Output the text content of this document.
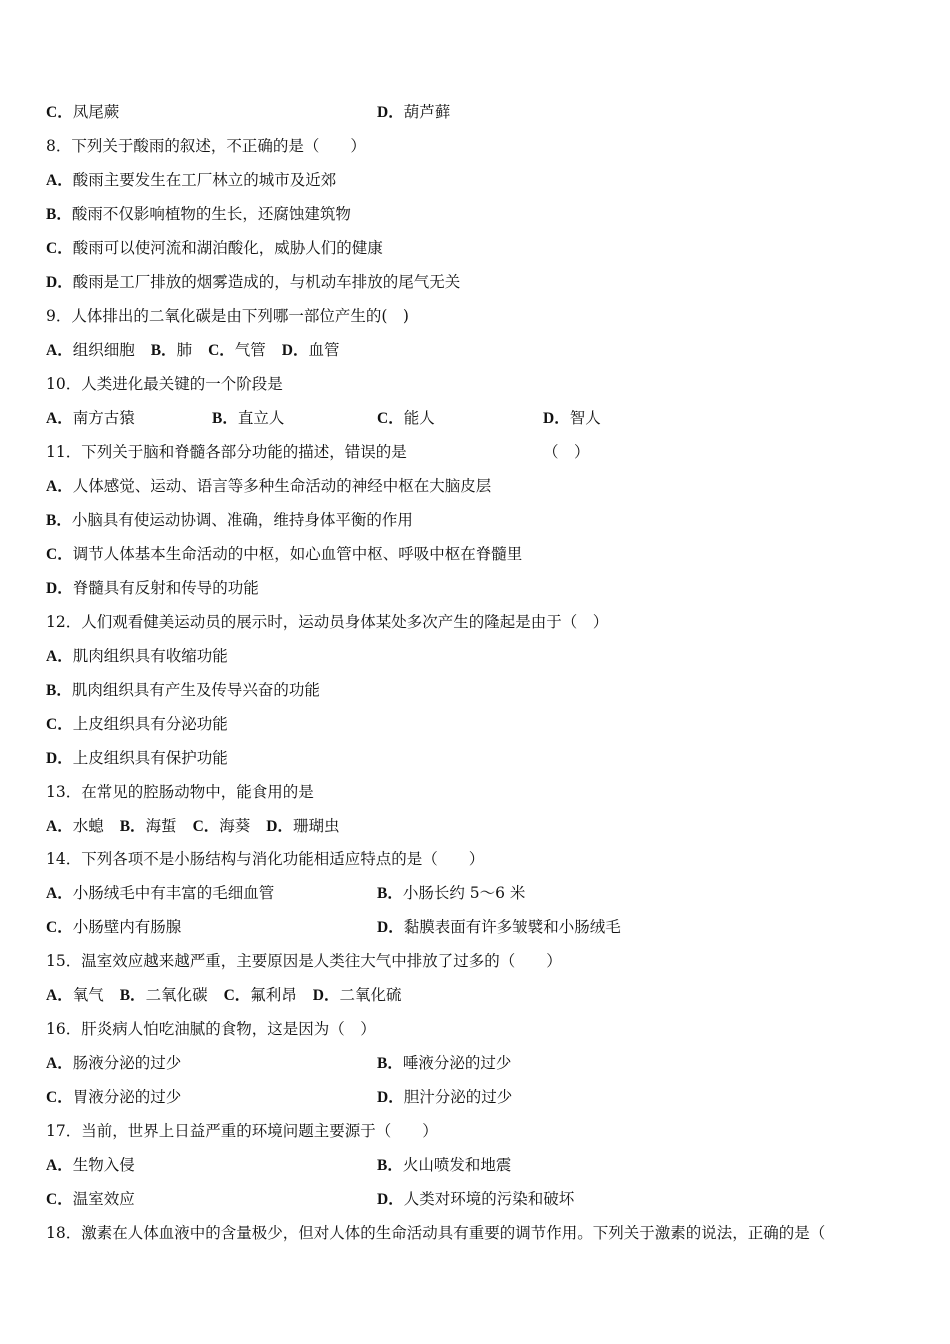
C．凤尾蕨	D．葫芦藓
8．下列关于酸雨的叙述，不正确的是（　　）
A．酸雨主要发生在工厂林立的城市及近郊
B．酸雨不仅影响植物的生长，还腐蚀建筑物
C．酸雨可以使河流和湖泊酸化，威胁人们的健康
D．酸雨是工厂排放的烟雾造成的，与机动车排放的尾气无关
9．人体排出的二氧化碳是由下列哪一部位产生的(　)
A．组织细胞 B．肺 C．气管 D．血管
10．人类进化最关键的一个阶段是
A．南方古猿	B．直立人	C．能人	D．智人
11．下列关于脑和脊髓各部分功能的描述，错误的是	（　）
A．人体感觉、运动、语言等多种生命活动的神经中枢在大脑皮层
B．小脑具有使运动协调、准确，维持身体平衡的作用
C．调节人体基本生命活动的中枢，如心血管中枢、呼吸中枢在脊髓里
D．脊髓具有反射和传导的功能
12．人们观看健美运动员的展示时，运动员身体某处多次产生的隆起是由于（　）
A．肌肉组织具有收缩功能
B．肌肉组织具有产生及传导兴奋的功能
C．上皮组织具有分泌功能
D．上皮组织具有保护功能
13．在常见的腔肠动物中，能食用的是
A．水螅 B．海蜇 C．海葵 D．珊瑚虫
14．下列各项不是小肠结构与消化功能相适应特点的是（　　）
A．小肠绒毛中有丰富的毛细血管	B．小肠长约 5～6 米
C．小肠壁内有肠腺	D．黏膜表面有许多皱襞和小肠绒毛
15．温室效应越来越严重，主要原因是人类往大气中排放了过多的（　　）
A．氧气 B．二氧化碳 C．氟利昂 D．二氧化硫
16．肝炎病人怕吃油腻的食物，这是因为（　）
A．肠液分泌的过少	B．唾液分泌的过少
C．胃液分泌的过少	D．胆汁分泌的过少
17．当前，世界上日益严重的环境问题主要源于（　　）
A．生物入侵	B．火山喷发和地震
C．温室效应	D．人类对环境的污染和破坏
18．激素在人体血液中的含量极少，但对人体的生命活动具有重要的调节作用。下列关于激素的说法，正确的是（
